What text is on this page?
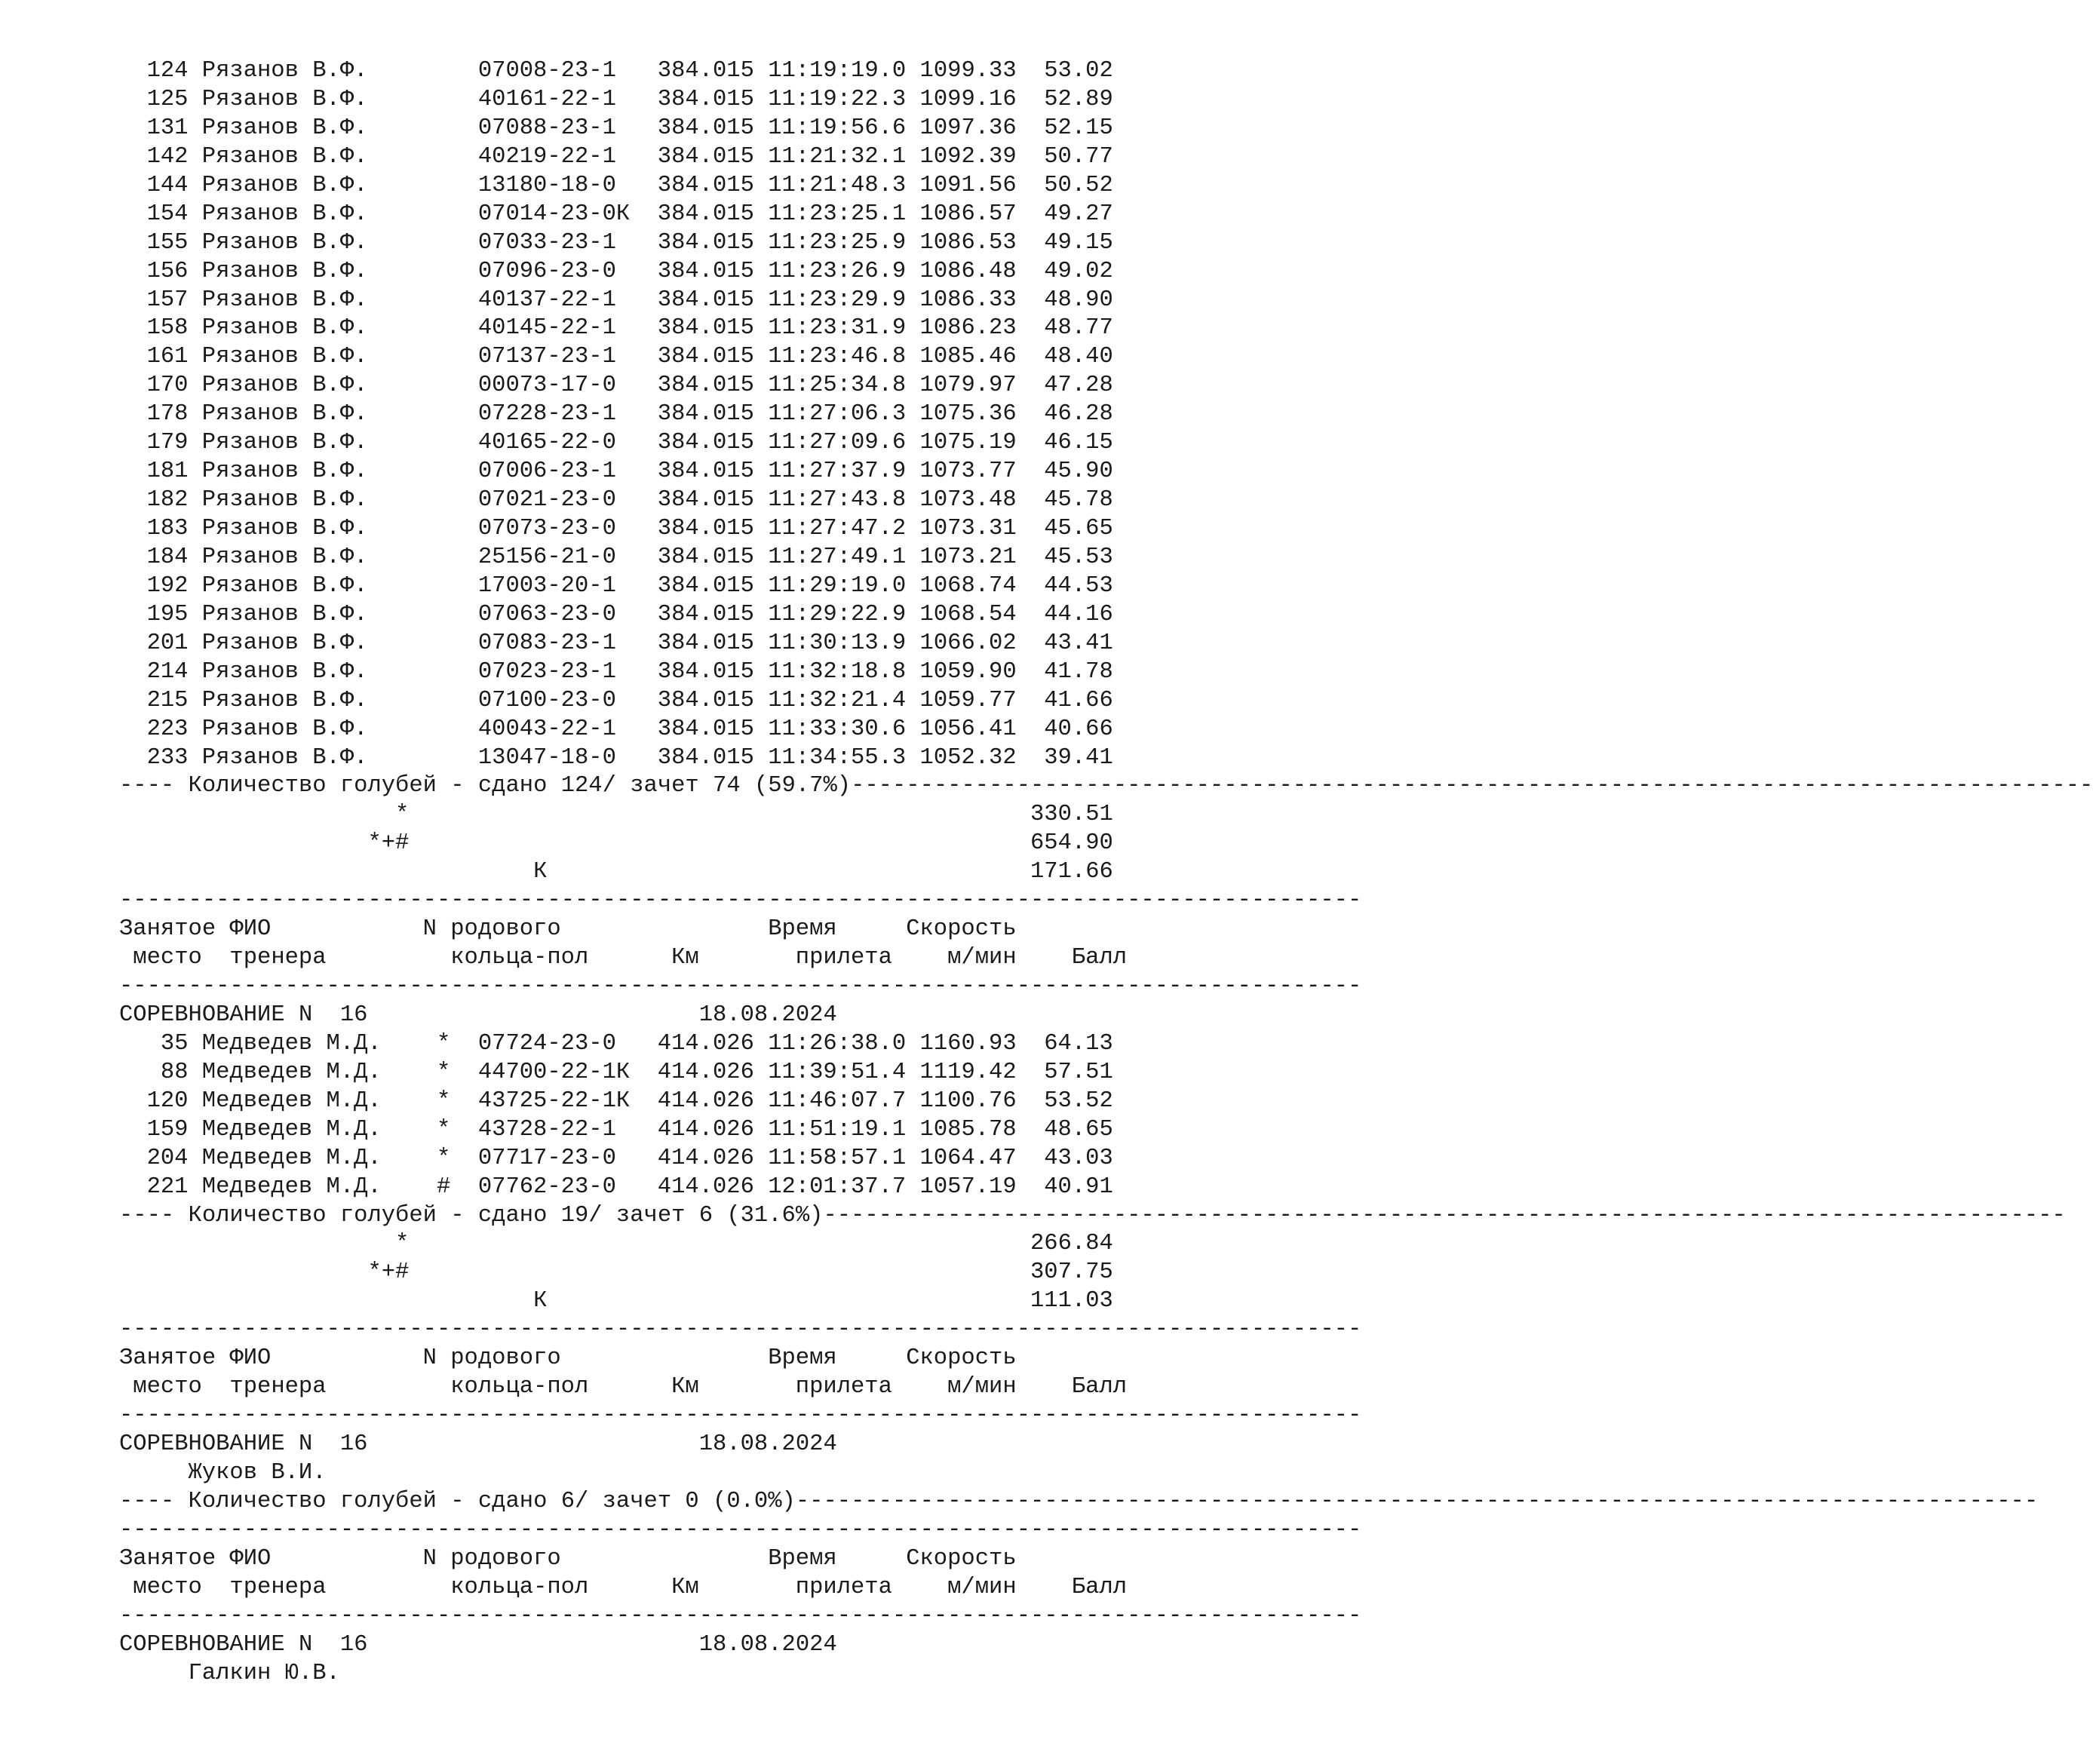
124 Рязанов В.Ф.	07008-23-1 384.015 11:19:19.0 1099.33 53.02
125 Рязанов В.Ф.	40161-22-1 384.015 11:19:22.3 1099.16 52.89
131 Рязанов В.Ф.	07088-23-1 384.015 11:19:56.6 1097.36 52.15
142 Рязанов В.Ф.	40219-22-1 384.015 11:21:32.1 1092.39 50.77
144 Рязанов В.Ф.	13180-18-0 384.015 11:21:48.3 1091.56 50.52
154 Рязанов В.Ф.	07014-23-0К 384.015 11:23:25.1 1086.57 49.27
155 Рязанов В.Ф.	07033-23-1 384.015 11:23:25.9 1086.53 49.15
156 Рязанов В.Ф.	07096-23-0 384.015 11:23:26.9 1086.48 49.02
157 Рязанов В.Ф.	40137-22-1 384.015 11:23:29.9 1086.33 48.90
158 Рязанов В.Ф.	40145-22-1 384.015 11:23:31.9 1086.23 48.77
161 Рязанов В.Ф.	07137-23-1 384.015 11:23:46.8 1085.46 48.40
170 Рязанов В.Ф.	00073-17-0 384.015 11:25:34.8 1079.97 47.28
178 Рязанов В.Ф.	07228-23-1 384.015 11:27:06.3 1075.36 46.28
179 Рязанов В.Ф.	40165-22-0 384.015 11:27:09.6 1075.19 46.15
181 Рязанов В.Ф.	07006-23-1 384.015 11:27:37.9 1073.77 45.90
182 Рязанов В.Ф.	07021-23-0 384.015 11:27:43.8 1073.48 45.78
183 Рязанов В.Ф.	07073-23-0 384.015 11:27:47.2 1073.31 45.65
184 Рязанов В.Ф.	25156-21-0 384.015 11:27:49.1 1073.21 45.53
192 Рязанов В.Ф.	17003-20-1 384.015 11:29:19.0 1068.74 44.53
195 Рязанов В.Ф.	07063-23-0 384.015 11:29:22.9 1068.54 44.16
201 Рязанов В.Ф.	07083-23-1 384.015 11:30:13.9 1066.02 43.41
214 Рязанов В.Ф.	07023-23-1 384.015 11:32:18.8 1059.90 41.78
215 Рязанов В.Ф.	07100-23-0 384.015 11:32:21.4 1059.77 41.66
223 Рязанов В.Ф.	40043-22-1 384.015 11:33:30.6 1056.41 40.66
233 Рязанов В.Ф.	13047-18-0 384.015 11:34:55.3 1052.32 39.41
---- Количество голубей - сдано 124/ зачет 74 (59.7%) ------------------------------------------------------------------------------------------
*	330.51
*+#	654.90
К	171.66
------------------------------------------------------------------------------------------
Занятое ФИО	N родового	Время	Скорость
место тренера	кольца-пол	Км	прилета м/мин Балл
------------------------------------------------------------------------------------------
СОРЕВНОВАНИЕ N  16	18.08.2024
35 Медведев М.Д. * 07724-23-0 414.026 11:26:38.0 1160.93 64.13
88 Медведев М.Д. * 44700-22-1К 414.026 11:39:51.4 1119.42 57.51
120 Медведев М.Д. * 43725-22-1К 414.026 11:46:07.7 1100.76 53.52
159 Медведев М.Д. * 43728-22-1 414.026 11:51:19.1 1085.78 48.65
204 Медведев М.Д. * 07717-23-0 414.026 11:58:57.1 1064.47 43.03
221 Медведев М.Д. # 07762-23-0 414.026 12:01:37.7 1057.19 40.91
---- Количество голубей - сдано 19/ зачет 6 (31.6%) ------------------------------------------------------------------------------------------
*	266.84
*+#	307.75
К	111.03
------------------------------------------------------------------------------------------
Занятое ФИО	N родового	Время	Скорость
место тренера	кольца-пол	Км	прилета м/мин Балл
------------------------------------------------------------------------------------------
СОРЕВНОВАНИЕ N  16	18.08.2024
Жуков В.И.
---- Количество голубей - сдано 6/ зачет 0 (0.0%) ------------------------------------------------------------------------------------------
------------------------------------------------------------------------------------------
Занятое ФИО	N родового	Время	Скорость
место тренера	кольца-пол	Км	прилета м/мин Балл
------------------------------------------------------------------------------------------
СОРЕВНОВАНИЕ N  16	18.08.2024
Галкин Ю.В.
